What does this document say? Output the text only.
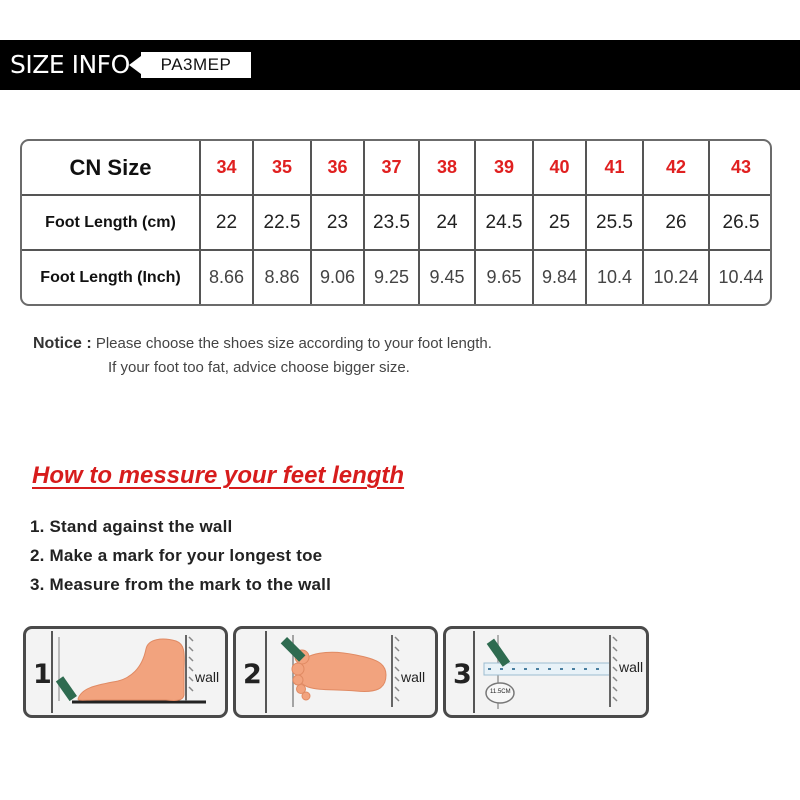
SIZE INFO	PA3MEP
CN Size	34	35	36	37	38	39	40	41	42	43
Foot Length (cm)	22	22.5	23	23.5	24	24.5	25	25.5	26	26.5
Foot Length (Inch)	8.66	8.86	9.06	9.25	9.45	9.65	9.84	10.4	10.24	10.44
Notice : Please choose the shoes size according to your foot length.
If your foot too fat, advice choose bigger size.
How to messure your feet length
1. Stand against the wall
2. Make a mark for your longest toe
3. Measure from the mark to the wall
1	wall 2	wall 3	wall
11.5CM
